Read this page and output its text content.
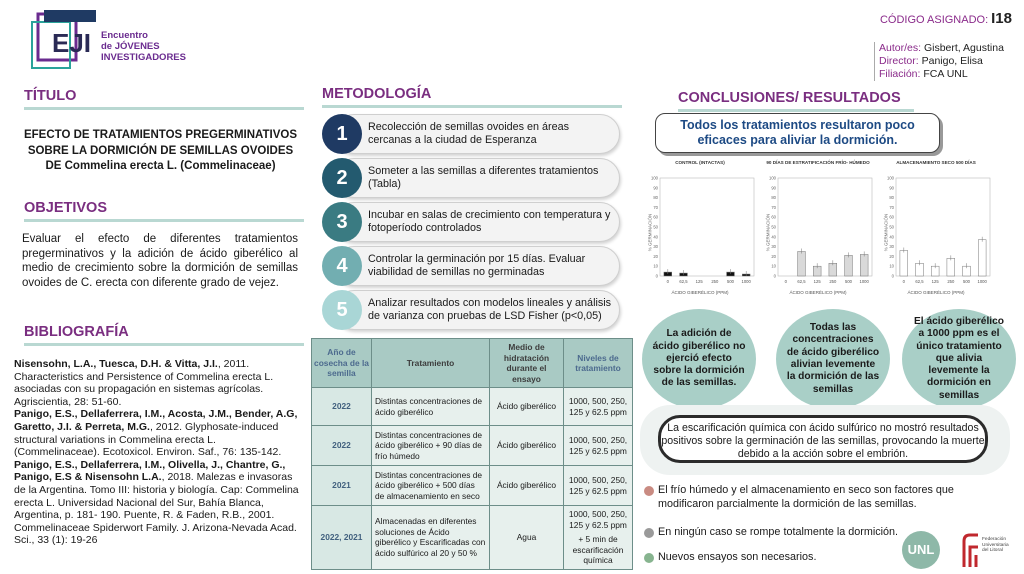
EJI Encuentro
de JÓVENES
INVESTIGADORES
CÓDIGO ASIGNADO: I18
Autor/es: Gisbert, Agustina
Director: Panigo, Elisa
Filiación: FCA UNL
TÍTULO
EFECTO DE TRATAMIENTOS PREGERMINATIVOS
SOBRE LA DORMICIÓN DE SEMILLAS OVOIDES
DE Commelina erecta L. (Commelinaceae)
OBJETIVOS
Evaluar el efecto de diferentes tratamientos pregerminativos y la adición de ácido giberélico al medio de crecimiento sobre la dormición de semillas ovoides de C. erecta con diferente grado de vejez.
BIBLIOGRAFÍA
Nisensohn, L.A., Tuesca, D.H. & Vitta, J.I., 2011. Characteristics and Persistence of Commelina erecta L. asociadas con su propagación en sistemas agrícolas. Agriscientia, 28: 51-60.
Panigo, E.S., Dellaferrera, I.M., Acosta, J.M., Bender, A.G, Garetto, J.I. & Perreta, M.G., 2012. Glyphosate-induced structural variations in Commelina erecta L. (Commelinaceae). Ecotoxicol. Environ. Saf., 76: 135-142.
Panigo, E.S., Dellaferrera, I.M., Olivella, J., Chantre, G., Panigo, E.S & Nisensohn L.A., 2018. Malezas e invasoras de la Argentina. Tomo III: historia y biología. Cap: Commelina erecta L. Universidad Nacional del Sur, Bahía Blanca, Argentina, p. 181- 190. Puente, R. & Faden, R.B., 2001. Commelinaceae Spiderwort Family. J. Arizona-Nevada Acad. Sci., 33 (1): 19-26
METODOLOGÍA
1	Recolección de semillas ovoides en áreas cercanas a la ciudad de Esperanza
2	Someter a las semillas a diferentes tratamientos (Tabla)
3	Incubar en salas de crecimiento con temperatura y fotoperíodo controlados
4	Controlar la germinación por 15 días. Evaluar viabilidad de semillas no germinadas
5	Analizar resultados con modelos lineales y análisis de varianza con pruebas de LSD Fisher (p<0,05)
Año de cosecha de la semilla	Tratamiento	Medio de hidratación durante el ensayo	Niveles de tratamiento
2022	Distintas concentraciones de ácido giberélico	Ácido giberélico	1000, 500, 250, 125 y 62.5 ppm
2022	Distintas concentraciones de ácido giberélico + 90 días de frío húmedo	Ácido giberélico	1000, 500, 250, 125 y 62.5 ppm
2021	Distintas concentraciones de ácido giberélico + 500 días de almacenamiento en seco	Ácido giberélico	1000, 500, 250, 125 y 62.5 ppm
2022, 2021	Almacenadas en diferentes soluciones de Ácido giberélico y Escarificadas con ácido sulfúrico al 20 y 50 %	Agua	1000, 500, 250, 125 y 62.5 ppm
+ 5 min de escarificación química
CONCLUSIONES/ RESULTADOS
Todos los tratamientos resultaron poco eficaces para aliviar la dormición.
CONTROL (INTACTAS)
% GERMINACIÓN
ÁCIDO GIBERÉLICO (PPM)
0
10
20
30
40
50
60
70
80
90
100
0 62,5 125 250 500 1000
90 DÍAS DE ESTRATIFICACIÓN FRÍO- HÚMEDO
% GERMINACIÓN
ÁCIDO GIBERÉLICO (PPM)
0
10
20
30
40
50
60
70
80
90
100
0 62,5 125 250 500 1000
ALMACENAMIENTO SECO 500 DÍAS
% GERMINACIÓN
ÁCIDO GIBERÉLICO (PPM)
0
10
20
30
40
50
60
70
80
90
100
0 62,5 125 250 500 1000
La adición de ácido giberélico no ejerció efecto sobre la dormición de las semillas.
Todas las concentraciones de ácido giberélico alivian levemente la dormición de las semillas
El ácido giberélico a 1000 ppm es el único tratamiento que alivia levemente la dormición en semillas
La escarificación química con ácido sulfúrico no mostró resultados positivos sobre la germinación de las semillas, provocando la muerte debido a la acción sobre el embrión.
El frío húmedo y el almacenamiento en seco son factores que modificaron parcialmente la dormición de las semillas.
En ningún caso se rompe totalmente la dormición.
Nuevos ensayos son necesarios.	UNL
Federación
Universitaria
del Litoral
